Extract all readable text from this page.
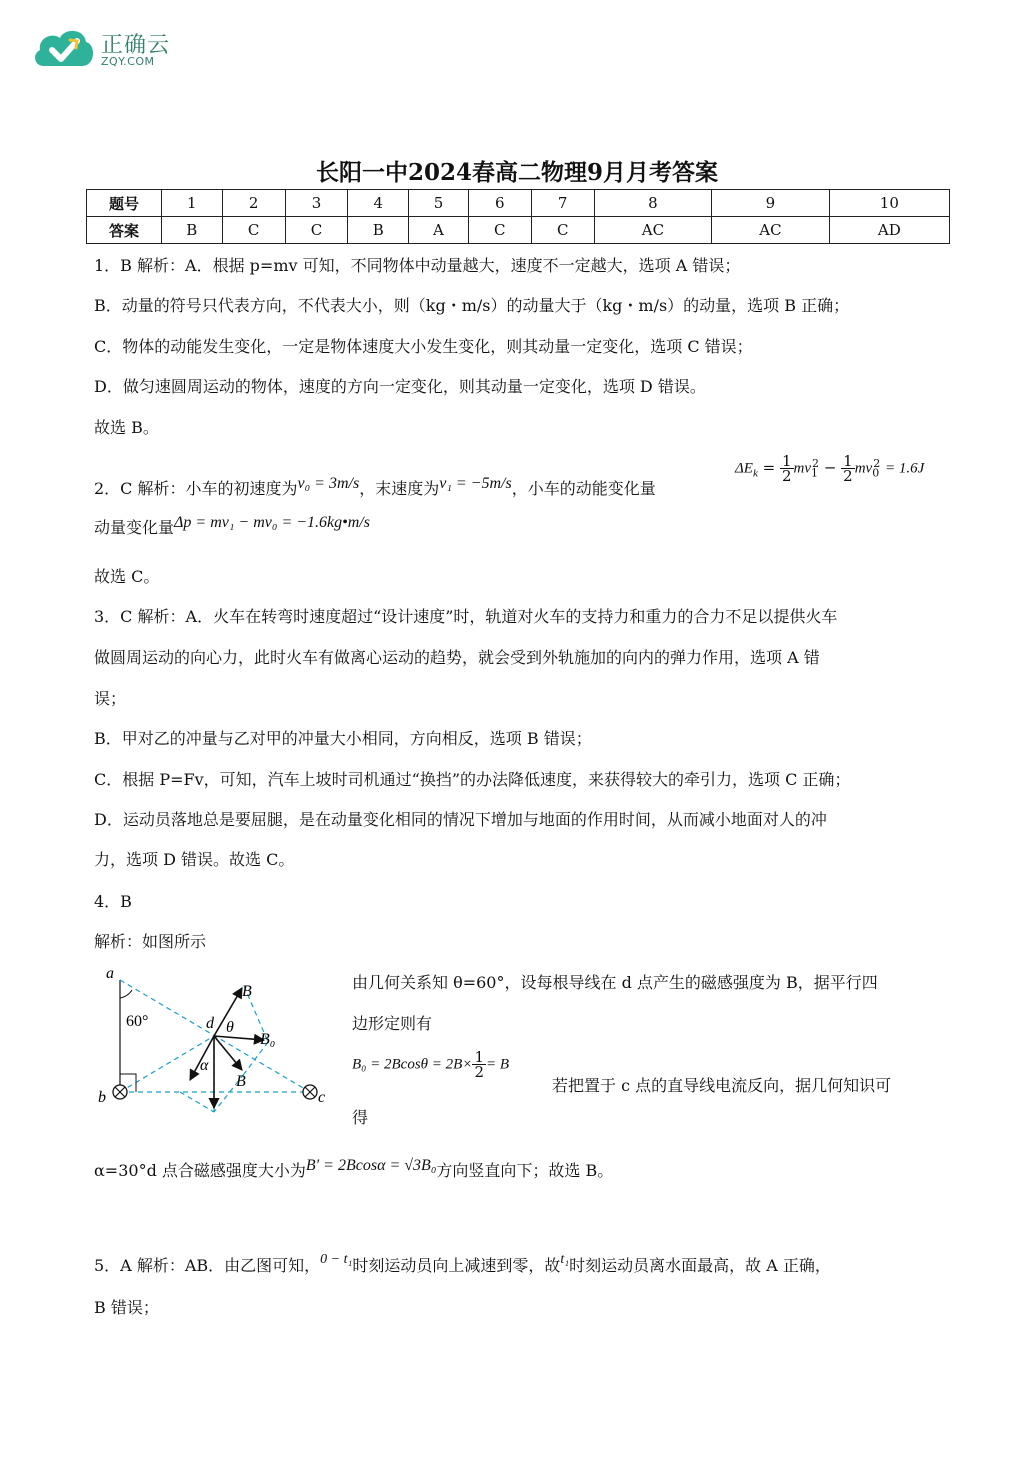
正确云
ZQY.COM
长阳一中2024春高二物理9月月考答案
题号	1	2	3	4	5	6	7	8	9	10
答案	B	C	C	B	A	C	C	AC	AC	AD
1．B 解析：A．根据 p=mv 可知，不同物体中动量越大，速度不一定越大，选项 A 错误；
B．动量的符号只代表方向，不代表大小，则（kg・m/s）的动量大于（kg・m/s）的动量，选项 B 正确；
C．物体的动能发生变化，一定是物体速度大小发生变化，则其动量一定变化，选项 C 错误；
D．做匀速圆周运动的物体，速度的方向一定变化，则其动量一定变化，选项 D 错误。
故选 B。
2．C 解析：小车的初速度为v₀ = 3m/s，末速度为v₁ = −5m/s，小车的动能变化量
$\Delta E_k = \frac{1}{2} mv_1^2 - \frac{1}{2} mv_0^2 = 1.6J$
动量变化量Δp = mv₁ − mv₀ = −1.6kg•m/s
故选 C。
3．C 解析：A．火车在转弯时速度超过“设计速度”时，轨道对火车的支持力和重力的合力不足以提供火车
做圆周运动的向心力，此时火车有做离心运动的趋势，就会受到外轨施加的向内的弹力作用，选项 A 错
误；
B．甲对乙的冲量与乙对甲的冲量大小相同，方向相反，选项 B 错误；
C．根据 P=Fv，可知，汽车上坡时司机通过“换挡”的办法降低速度，来获得较大的牵引力，选项 C 正确；
D．运动员落地总是要屈腿，是在动量变化相同的情况下增加与地面的作用时间，从而减小地面对人的冲
力，选项 D 错误。故选 C。
4．B
解析：如图所示
a
b	c
d
B
B₀
B
θ
α
60°
由几何关系知 θ=60°，设每根导线在 d 点产生的磁感强度为 B，据平行四
边形定则有
$B_0 = 2Bcos\theta = 2B\times \frac{1}{2} = B$
若把置于 c 点的直导线电流反向，据几何知识可
得
α=30°d 点合磁感强度大小为B′ = 2Bcosα = √3B₀方向竖直向下；故选 B。
5．A 解析：AB．由乙图可知，0 − t₁时刻运动员向上减速到零，故t₁时刻运动员离水面最高，故 A 正确，
B 错误；
